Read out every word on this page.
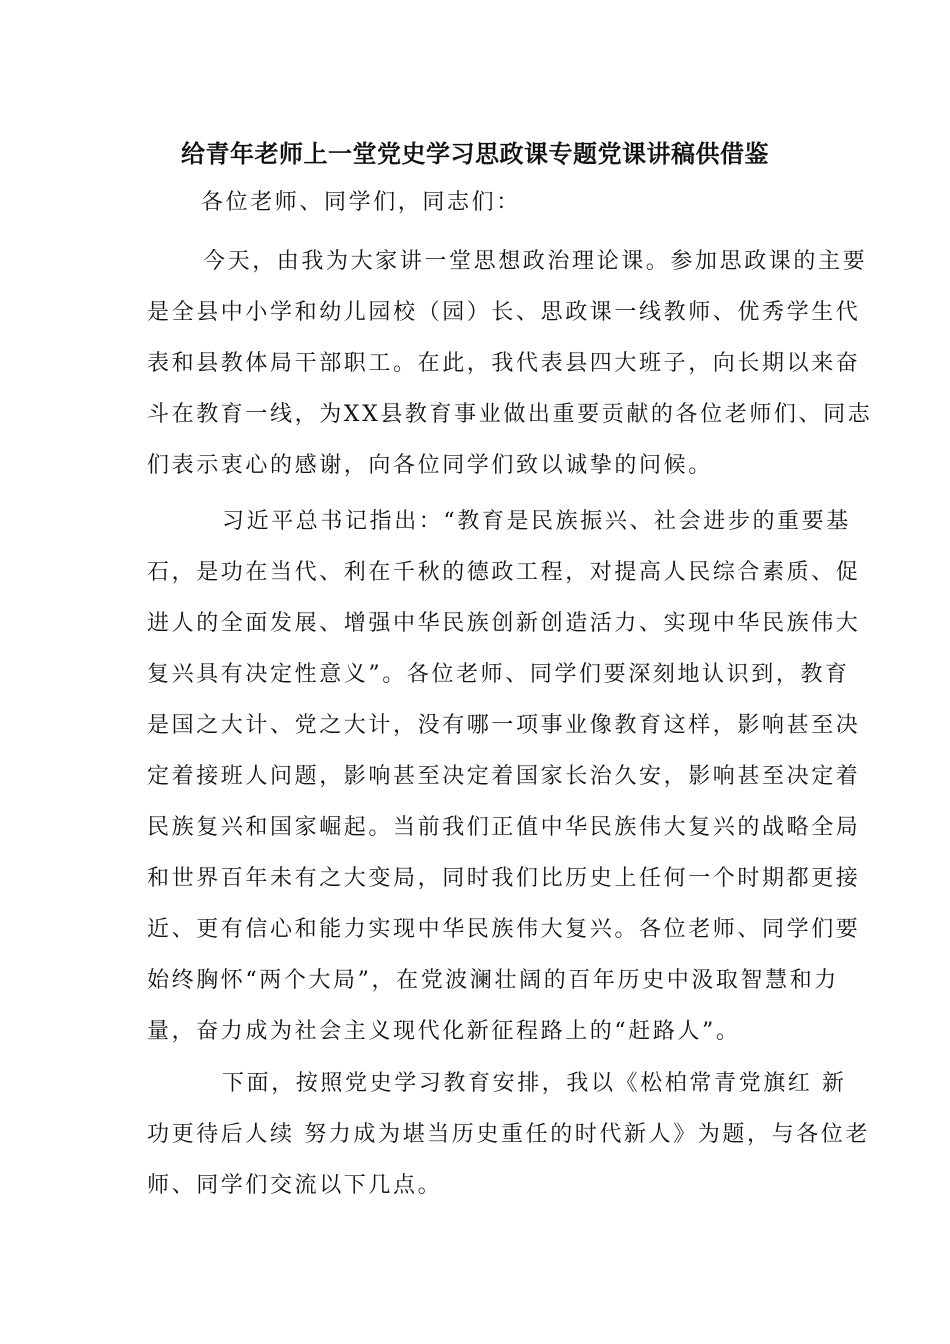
给青年老师上一堂党史学习思政课专题党课讲稿供借鉴
各位老师、同学们，同志们：
今天，由我为大家讲一堂思想政治理论课。参加思政课的主要
是全县中小学和幼儿园校（园）长、思政课一线教师、优秀学生代
表和县教体局干部职工。在此，我代表县四大班子，向长期以来奋
斗在教育一线，为XX县教育事业做出重要贡献的各位老师们、同志
们表示衷心的感谢，向各位同学们致以诚挚的问候。
习近平总书记指出：“教育是民族振兴、社会进步的重要基
石，是功在当代、利在千秋的德政工程，对提高人民综合素质、促
进人的全面发展、增强中华民族创新创造活力、实现中华民族伟大
复兴具有决定性意义”。各位老师、同学们要深刻地认识到，教育
是国之大计、党之大计，没有哪一项事业像教育这样，影响甚至决
定着接班人问题，影响甚至决定着国家长治久安，影响甚至决定着
民族复兴和国家崛起。当前我们正值中华民族伟大复兴的战略全局
和世界百年未有之大变局，同时我们比历史上任何一个时期都更接
近、更有信心和能力实现中华民族伟大复兴。各位老师、同学们要
始终胸怀“两个大局”，在党波澜壮阔的百年历史中汲取智慧和力
量，奋力成为社会主义现代化新征程路上的“赶路人”。
下面，按照党史学习教育安排，我以《松柏常青党旗红 新
功更待后人续 努力成为堪当历史重任的时代新人》为题，与各位老
师、同学们交流以下几点。
